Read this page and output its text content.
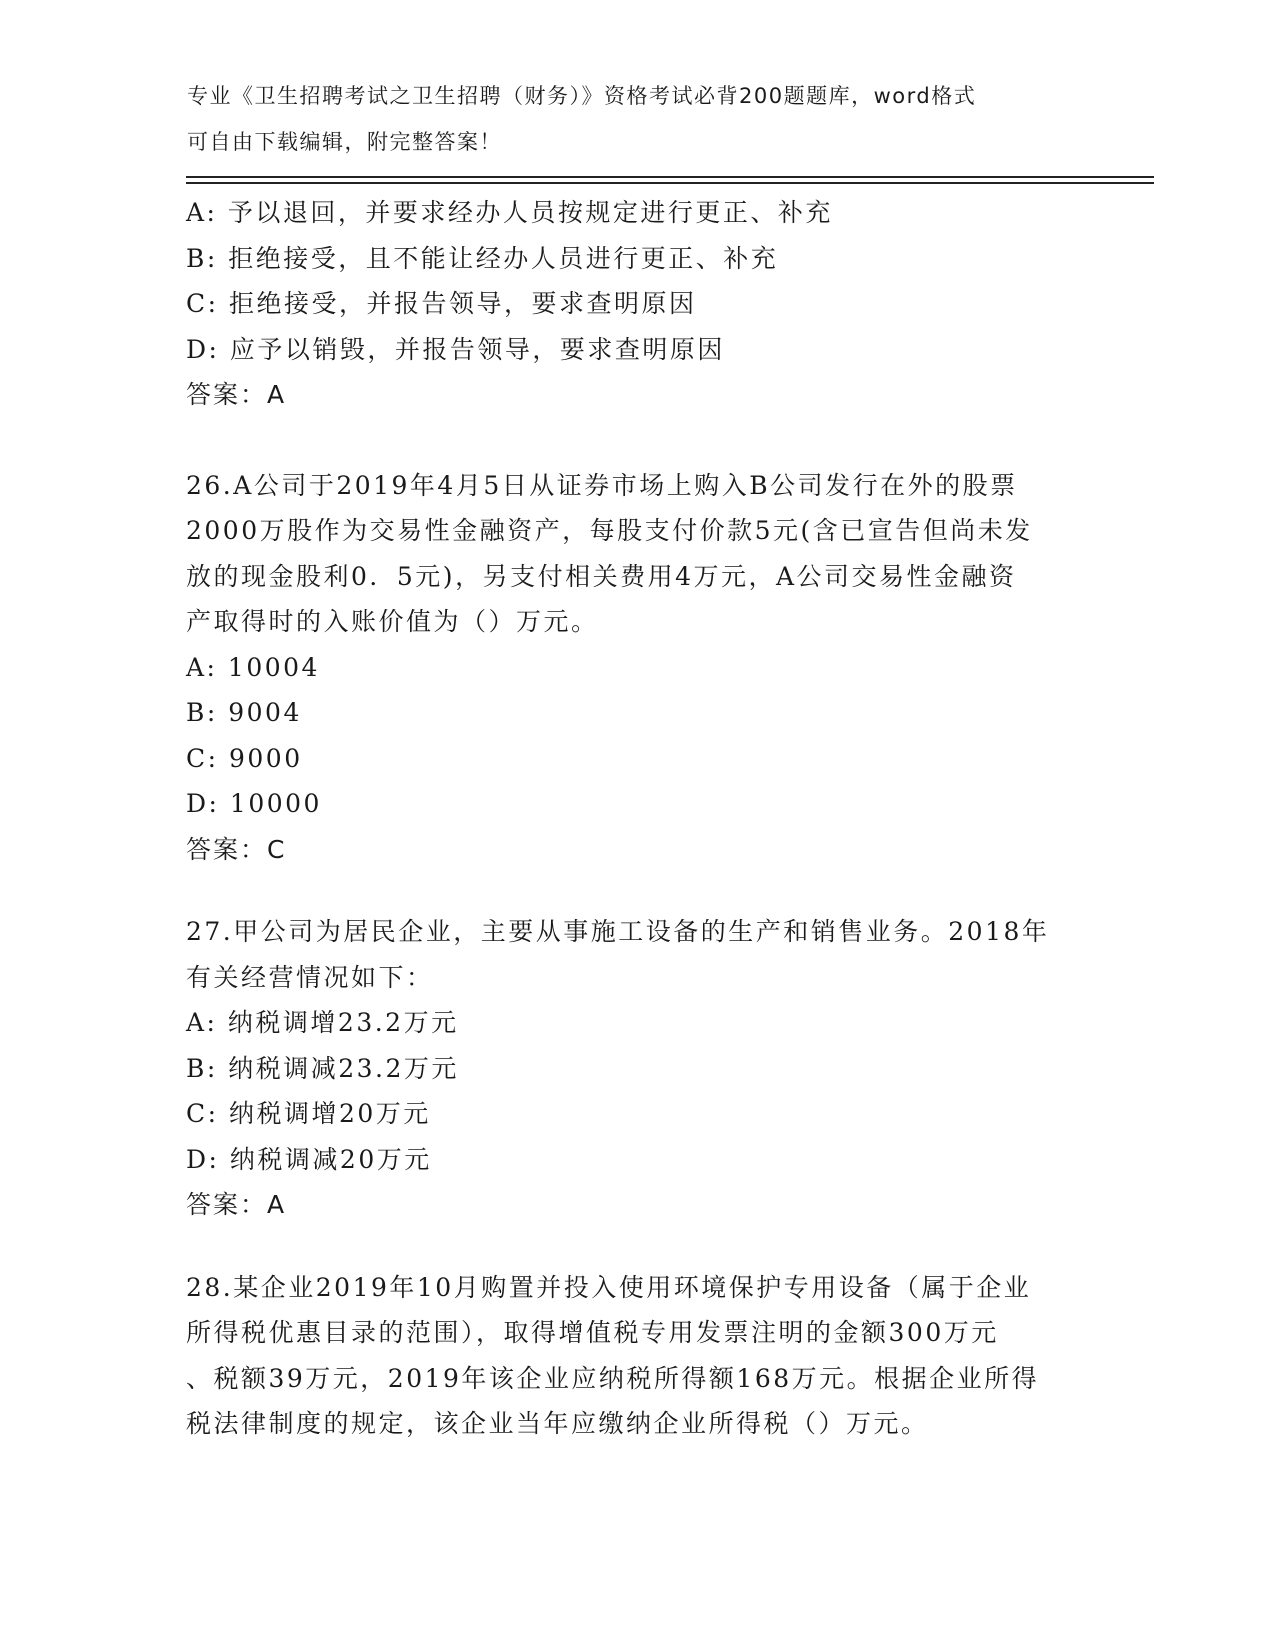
专业《卫生招聘考试之卫生招聘（财务）》资格考试必背200题题库，word格式
可自由下载编辑，附完整答案！
A: 予以退回，并要求经办人员按规定进行更正、补充
B: 拒绝接受，且不能让经办人员进行更正、补充
C: 拒绝接受，并报告领导，要求查明原因
D: 应予以销毁，并报告领导，要求查明原因
答案：A
26.A公司于2019年4月5日从证券市场上购入B公司发行在外的股票
2000万股作为交易性金融资产，每股支付价款5元(含已宣告但尚未发
放的现金股利0．5元)，另支付相关费用4万元，A公司交易性金融资
产取得时的入账价值为（）万元。
A: 10004
B: 9004
C: 9000
D: 10000
答案：C
27.甲公司为居民企业，主要从事施工设备的生产和销售业务。2018年
有关经营情况如下：
A: 纳税调增23.2万元
B: 纳税调减23.2万元
C: 纳税调增20万元
D: 纳税调减20万元
答案：A
28.某企业2019年10月购置并投入使用环境保护专用设备（属于企业
所得税优惠目录的范围），取得增值税专用发票注明的金额300万元
、税额39万元，2019年该企业应纳税所得额168万元。根据企业所得
税法律制度的规定，该企业当年应缴纳企业所得税（）万元。
